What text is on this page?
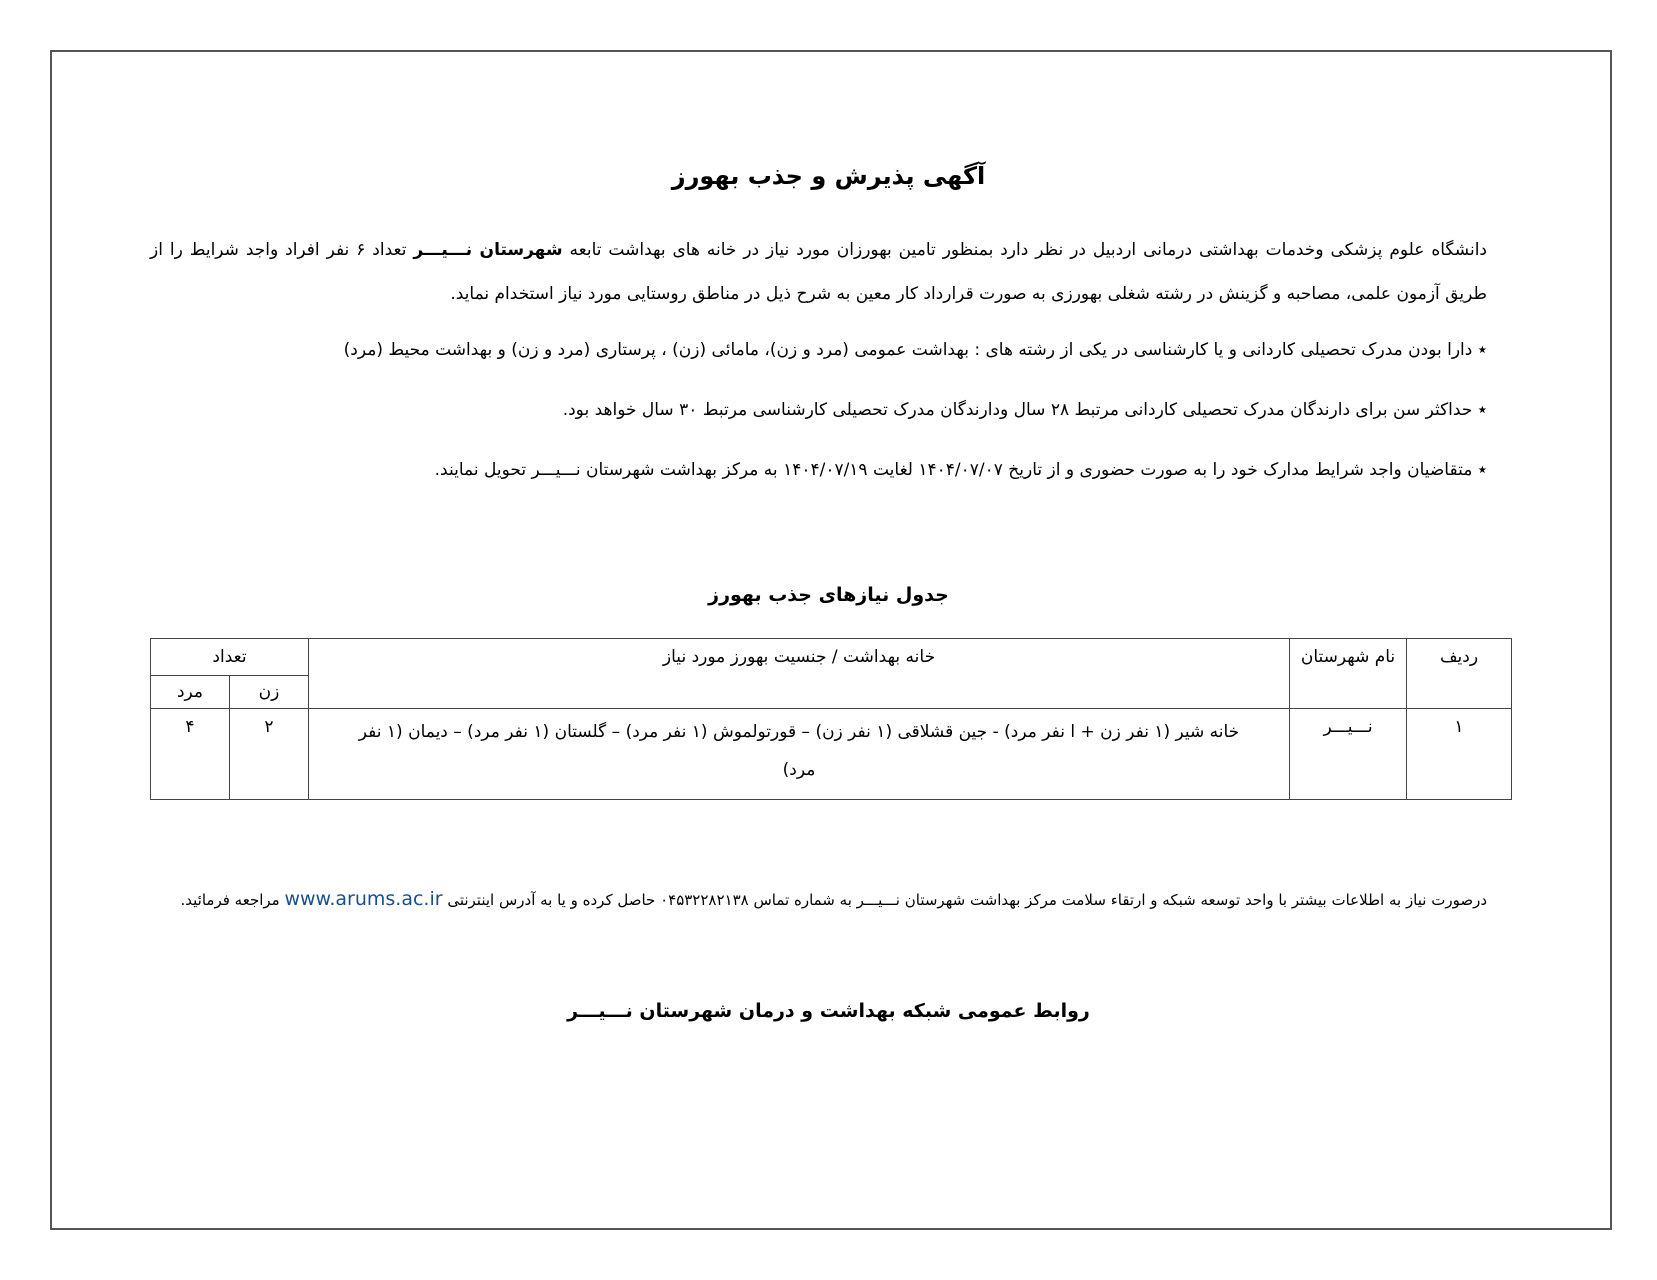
آگهی پذیرش و جذب بهورز
دانشگاه علوم پزشکی وخدمات بهداشتی درمانی اردبیل در نظر دارد بمنظور تامین بهورزان مورد نیاز در خانه های بهداشت تابعه شهرستان نـــیـــر تعداد ۶ نفر افراد واجد شرایط را از طریق آزمون علمی، مصاحبه و گزینش در رشته شغلی بهورزی به صورت قرارداد کار معین به شرح ذیل در مناطق روستایی مورد نیاز استخدام نماید.
٭ دارا بودن مدرک تحصیلی کاردانی و یا کارشناسی در یکی از رشته های : بهداشت عمومی (مرد و زن)، مامائی (زن) ، پرستاری (مرد و زن) و بهداشت محیط (مرد)
٭ حداکثر سن برای دارندگان مدرک تحصیلی کاردانی مرتبط ۲۸ سال ودارندگان مدرک تحصیلی کارشناسی مرتبط ۳۰ سال خواهد بود.
٭ متقاضیان واجد شرایط مدارک خود را به صورت حضوری و از تاریخ ۱۴۰۴/۰۷/۰۷ لغایت ۱۴۰۴/۰۷/۱۹ به مرکز بهداشت شهرستان نـــیـــر تحویل نمایند.
جدول نیازهای جذب بهورز
ردیف	نام شهرستان	خانه بهداشت / جنسیت بهورز مورد نیاز	تعداد	
			زن	مرد
۱	نـــیـــر	خانه شیر (۱ نفر زن + ا نفر مرد) - جین قشلاقی (۱ نفر زن) – قورتولموش (۱ نفر مرد) – گلستان (۱ نفر مرد) – دیمان (۱ نفر مرد)	۲	۴
درصورت نیاز به اطلاعات بیشتر با واحد توسعه شبکه و ارتقاء سلامت مرکز بهداشت شهرستان نـــیـــر به شماره تماس ۰۴۵۳۲۲۸۲۱۳۸ حاصل کرده و یا به آدرس اینترنتی www.arums.ac.ir مراجعه فرمائید.
روابط عمومی شبکه بهداشت و درمان شهرستان نـــیـــر
